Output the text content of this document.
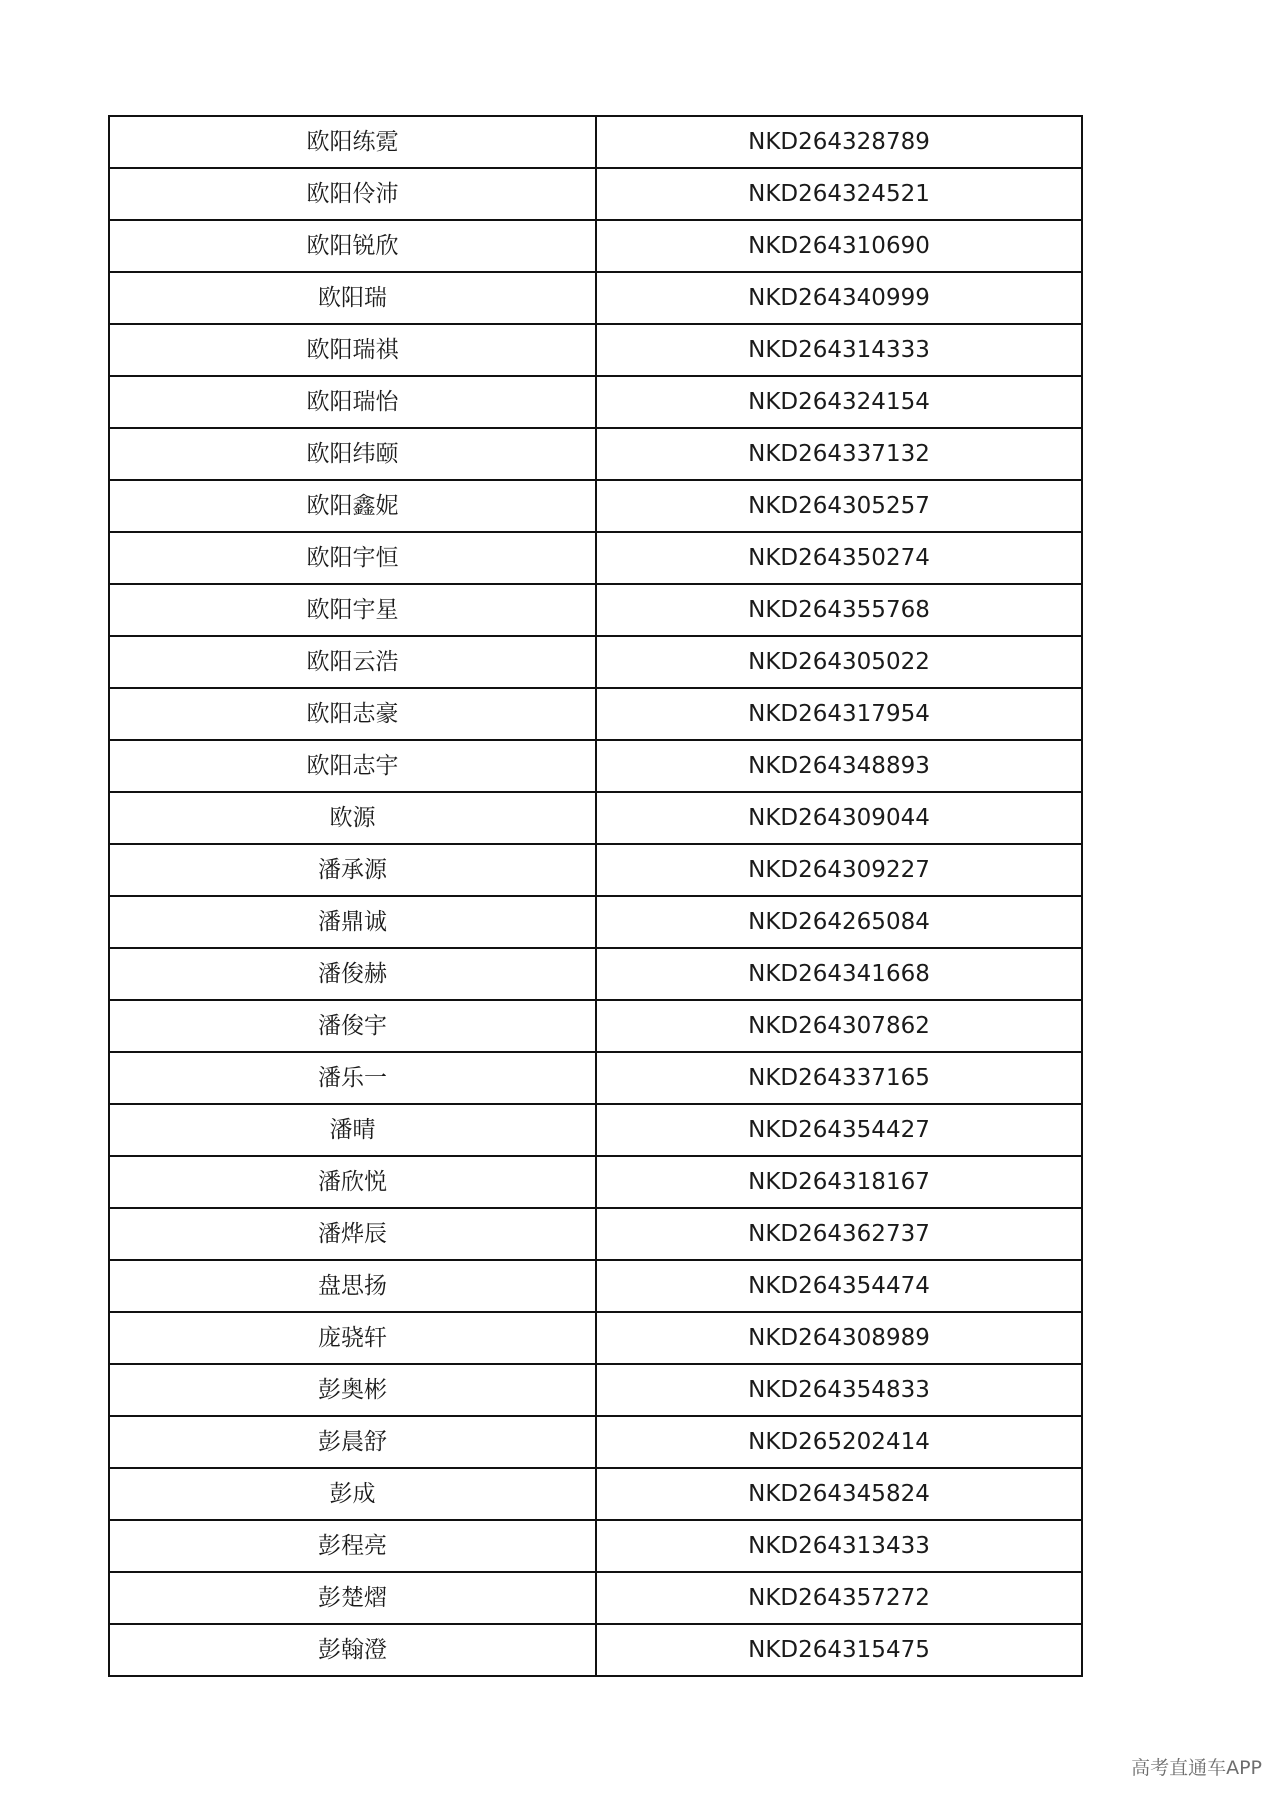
欧阳练霓	NKD264328789
欧阳伶沛	NKD264324521
欧阳锐欣	NKD264310690
欧阳瑞	NKD264340999
欧阳瑞祺	NKD264314333
欧阳瑞怡	NKD264324154
欧阳纬颐	NKD264337132
欧阳鑫妮	NKD264305257
欧阳宇恒	NKD264350274
欧阳宇星	NKD264355768
欧阳云浩	NKD264305022
欧阳志豪	NKD264317954
欧阳志宇	NKD264348893
欧源	NKD264309044
潘承源	NKD264309227
潘鼎诚	NKD264265084
潘俊赫	NKD264341668
潘俊宇	NKD264307862
潘乐一	NKD264337165
潘晴	NKD264354427
潘欣悦	NKD264318167
潘烨辰	NKD264362737
盘思扬	NKD264354474
庞骁轩	NKD264308989
彭奥彬	NKD264354833
彭晨舒	NKD265202414
彭成	NKD264345824
彭程亮	NKD264313433
彭楚熠	NKD264357272
彭翰澄	NKD264315475
高考直通车APP
